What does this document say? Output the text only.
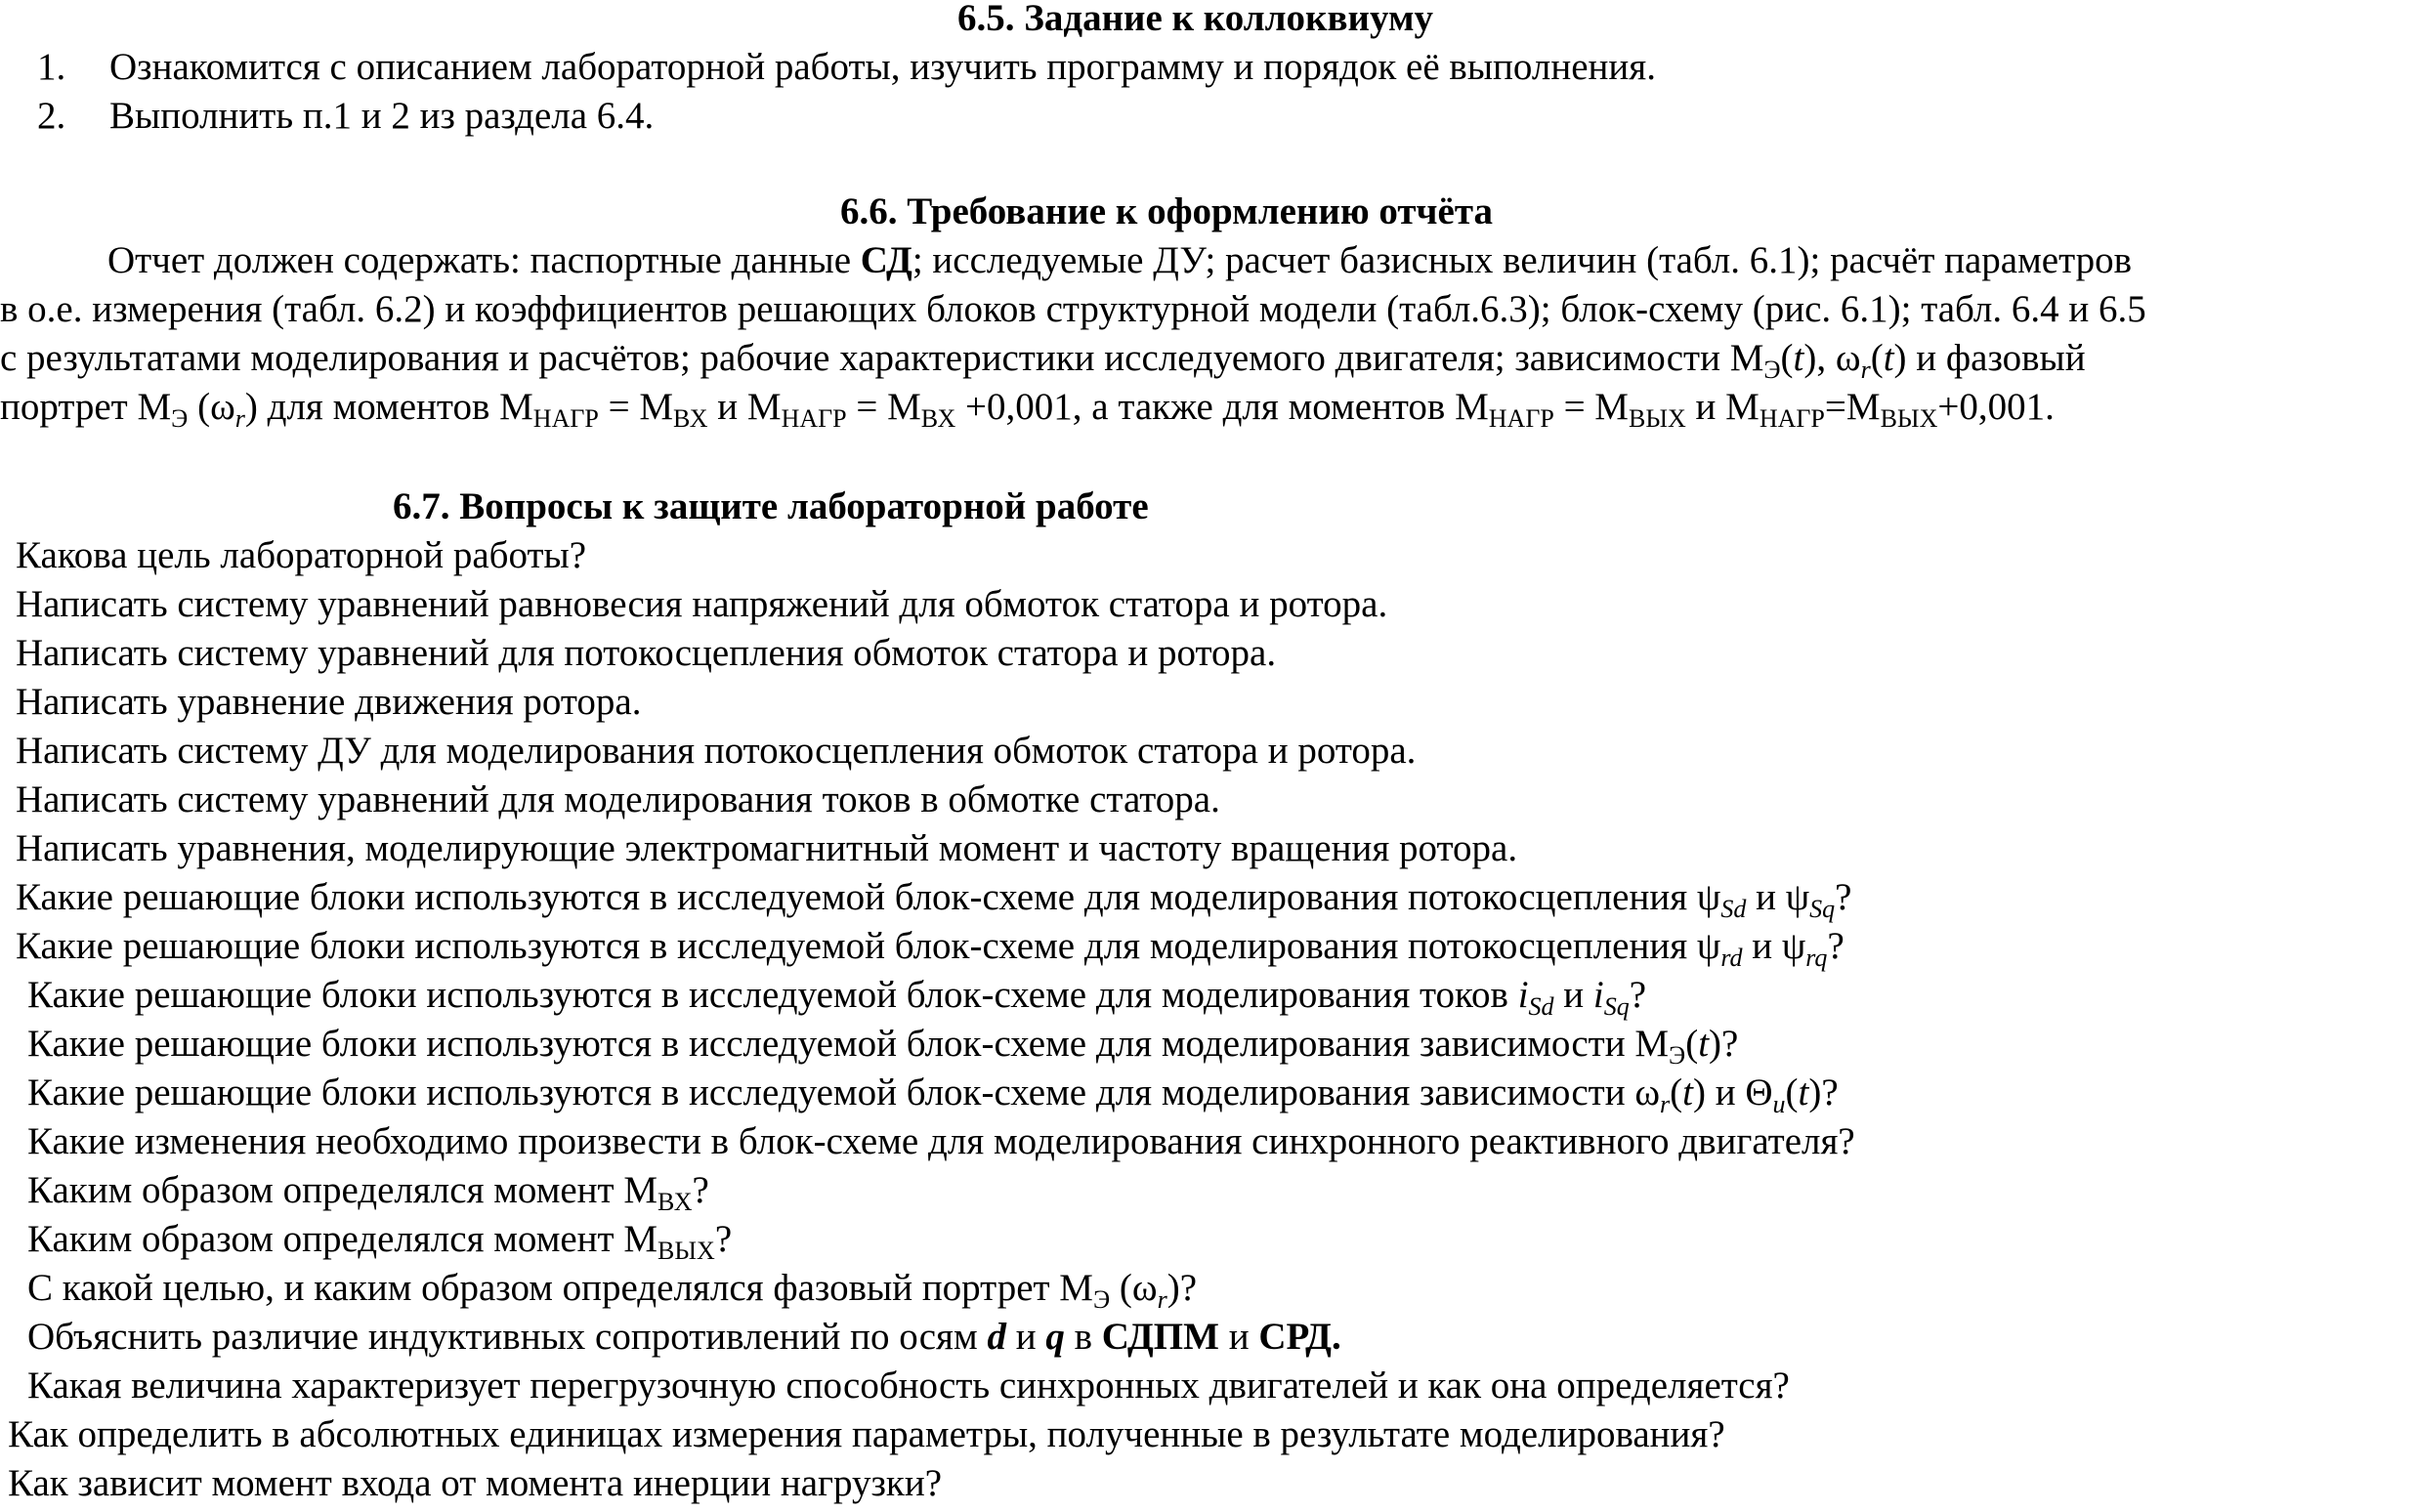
6.5. Задание к коллоквиуму
1. Ознакомится с описанием лабораторной работы, изучить программу и порядок её выполнения.
2. Выполнить п.1 и 2 из раздела 6.4.
6.6. Требование к оформлению отчёта
Отчет должен содержать: паспортные данные СД; исследуемые ДУ; расчет базисных величин (табл. 6.1); расчёт параметров
в о.е. измерения (табл. 6.2) и коэффициентов решающих блоков структурной модели (табл.6.3); блок-схему (рис. 6.1); табл. 6.4 и 6.5
с результатами моделирования и расчётов; рабочие характеристики исследуемого двигателя; зависимости $М_Э(t)$, $\omega_r(t)$ и фазовый
портрет $М_Э$ $(\omega_r)$ для моментов $М_{НАГР} = М_{ВХ}$ и $М_{НАГР} = М_{ВХ} +0,001$, а также для моментов $М_{НАГР} = М_{ВЫХ}$ и $М_{НАГР}=М_{ВЫХ}+0,001$.
6.7. Вопросы к защите лабораторной работе
Какова цель лабораторной работы?
Написать систему уравнений равновесия напряжений для обмоток статора и ротора.
Написать систему уравнений для потокосцепления обмоток статора и ротора.
Написать уравнение движения ротора.
Написать систему ДУ для моделирования потокосцепления обмоток статора и ротора.
Написать систему уравнений для моделирования токов в обмотке статора.
Написать уравнения, моделирующие электромагнитный момент и частоту вращения ротора.
Какие решающие блоки используются в исследуемой блок-схеме для моделирования потокосцепления $\psi_{Sd}$ и $\psi_{Sq}$?
Какие решающие блоки используются в исследуемой блок-схеме для моделирования потокосцепления $\psi_{rd}$ и $\psi_{rq}$?
Какие решающие блоки используются в исследуемой блок-схеме для моделирования токов $i_{Sd}$ и $i_{Sq}$?
Какие решающие блоки используются в исследуемой блок-схеме для моделирования зависимости $М_Э(t)$?
Какие решающие блоки используются в исследуемой блок-схеме для моделирования зависимости $\omega_r(t)$ и $\Theta_u(t)$?
Какие изменения необходимо произвести в блок-схеме для моделирования синхронного реактивного двигателя?
Каким образом определялся момент $М_{ВХ}$?
Каким образом определялся момент $М_{ВЫХ}$?
С какой целью, и каким образом определялся фазовый портрет $М_Э$ $(\omega_r)$?
Объяснить различие индуктивных сопротивлений по осям d и q в СДПМ и СРД.
Какая величина характеризует перегрузочную способность синхронных двигателей и как она определяется?
Как определить в абсолютных единицах измерения параметры, полученные в результате моделирования?
Как зависит момент входа от момента инерции нагрузки?
